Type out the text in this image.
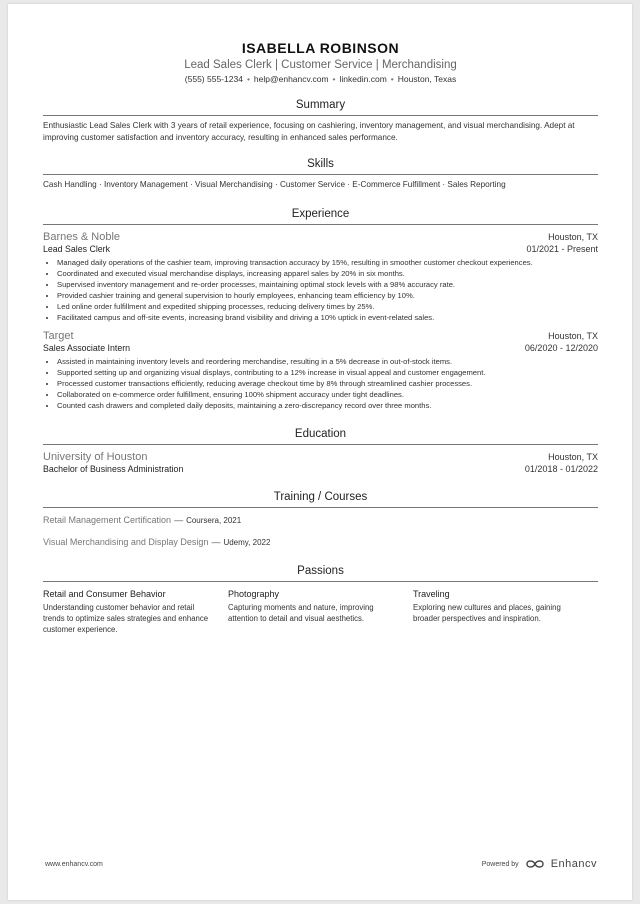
ISABELLA ROBINSON
Lead Sales Clerk | Customer Service | Merchandising
(555) 555-1234 • help@enhancv.com • linkedin.com • Houston, Texas
Summary
Enthusiastic Lead Sales Clerk with 3 years of retail experience, focusing on cashiering, inventory management, and visual merchandising. Adept at improving customer satisfaction and inventory accuracy, resulting in enhanced sales performance.
Skills
Cash Handling · Inventory Management · Visual Merchandising · Customer Service · E-Commerce Fulfillment · Sales Reporting
Experience
Barnes & Noble	Houston, TX
Lead Sales Clerk	01/2021 - Present
• Managed daily operations of the cashier team, improving transaction accuracy by 15%, resulting in smoother customer checkout experiences.
• Coordinated and executed visual merchandise displays, increasing apparel sales by 20% in six months.
• Supervised inventory management and re-order processes, maintaining optimal stock levels with a 98% accuracy rate.
• Provided cashier training and general supervision to hourly employees, enhancing team efficiency by 10%.
• Led online order fulfillment and expedited shipping processes, reducing delivery times by 25%.
• Facilitated campus and off-site events, increasing brand visibility and driving a 10% uptick in event-related sales.
Target	Houston, TX
Sales Associate Intern	06/2020 - 12/2020
• Assisted in maintaining inventory levels and reordering merchandise, resulting in a 5% decrease in out-of-stock items.
• Supported setting up and organizing visual displays, contributing to a 12% increase in visual appeal and customer engagement.
• Processed customer transactions efficiently, reducing average checkout time by 8% through streamlined cashier processes.
• Collaborated on e-commerce order fulfillment, ensuring 100% shipment accuracy under tight deadlines.
• Counted cash drawers and completed daily deposits, maintaining a zero-discrepancy record over three months.
Education
University of Houston	Houston, TX
Bachelor of Business Administration	01/2018 - 01/2022
Training / Courses
Retail Management Certification — Coursera, 2021
Visual Merchandising and Display Design — Udemy, 2022
Passions
Retail and Consumer Behavior
Understanding customer behavior and retail trends to optimize sales strategies and enhance customer experience.
Photography
Capturing moments and nature, improving attention to detail and visual aesthetics.
Traveling
Exploring new cultures and places, gaining broader perspectives and inspiration.
www.enhancv.com	Powered by	Enhancv
